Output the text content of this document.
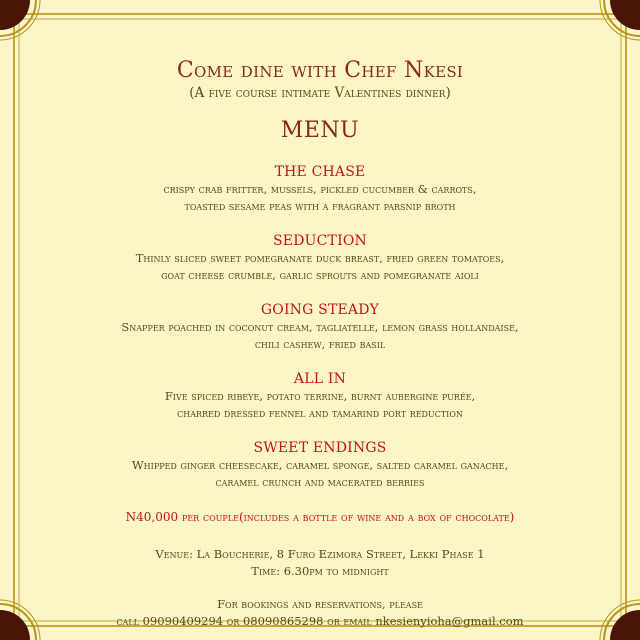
Come dine with Chef Nkesi
(A five course intimate Valentines dinner)
MENU
THE CHASE
crispy crab fritter, mussels, pickled cucumber & carrots,
toasted sesame peas with a fragrant parsnip broth
SEDUCTION
Thinly sliced sweet pomegranate duck breast, fried green tomatoes,
goat cheese crumble, garlic sprouts and pomegranate aioli
GOING STEADY
Snapper poached in coconut cream, tagliatelle, lemon grass hollandaise,
chili cashew, fried basil
ALL IN
Five spiced ribeye, potato terrine, burnt aubergine purée,
charred dressed fennel and tamarind port reduction
SWEET ENDINGS
Whipped ginger cheesecake, caramel sponge, salted caramel ganache,
caramel crunch and macerated berries
N40,000 per couple(includes a bottle of wine and a box of chocolate)
Venue: La Boucherie, 8 Furo Ezimora Street, Lekki Phase 1
Time: 6.30pm to midnight
For bookings and reservations, please
call 09090409294 or 08090865298 or email nkesienyioha@gmail.com
